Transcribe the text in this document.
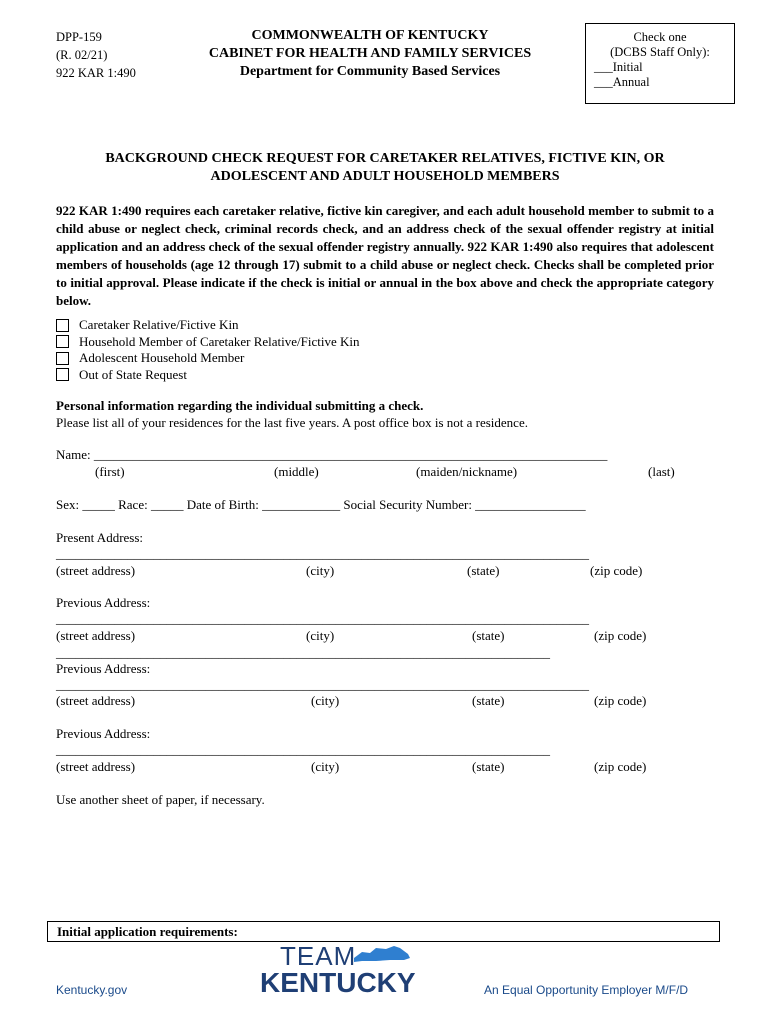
DPP-159
(R. 02/21)
922 KAR 1:490
COMMONWEALTH OF KENTUCKY
CABINET FOR HEALTH AND FAMILY SERVICES
Department for Community Based Services
Check one
(DCBS Staff Only):
___Initial
___Annual
BACKGROUND CHECK REQUEST FOR CARETAKER RELATIVES, FICTIVE KIN, OR
ADOLESCENT AND ADULT HOUSEHOLD MEMBERS
922 KAR 1:490 requires each caretaker relative, fictive kin caregiver, and each adult household member to submit to a child abuse or neglect check, criminal records check, and an address check of the sexual offender registry at initial application and an address check of the sexual offender registry annually. 922 KAR 1:490 also requires that adolescent members of households (age 12 through 17) submit to a child abuse or neglect check. Checks shall be completed prior to initial approval. Please indicate if the check is initial or annual in the box above and check the appropriate category below.
Caretaker Relative/Fictive Kin
Household Member of Caretaker Relative/Fictive Kin
Adolescent Household Member
Out of State Request
Personal information regarding the individual submitting a check.
Please list all of your residences for the last five years. A post office box is not a residence.
Name: _______________________________________________________________________________
(first)	(middle)	(maiden/nickname)	(last)
Sex: _____ Race: _____ Date of Birth: ____________ Social Security Number: _________________
Present Address:
__________________________________________________________________________________
(street address)	(city)	(state)	(zip code)
Previous Address:
__________________________________________________________________________________
(street address)	(city)	(state)	(zip code)
____________________________________________________________________________
Previous Address:
__________________________________________________________________________________
(street address)	(city)	(state)	(zip code)
Previous Address:
____________________________________________________________________________
(street address)	(city)	(state)	(zip code)
Use another sheet of paper, if necessary.
Initial application requirements:
Kentucky.gov
TEAM
KENTUCKY	An Equal Opportunity Employer M/F/D
